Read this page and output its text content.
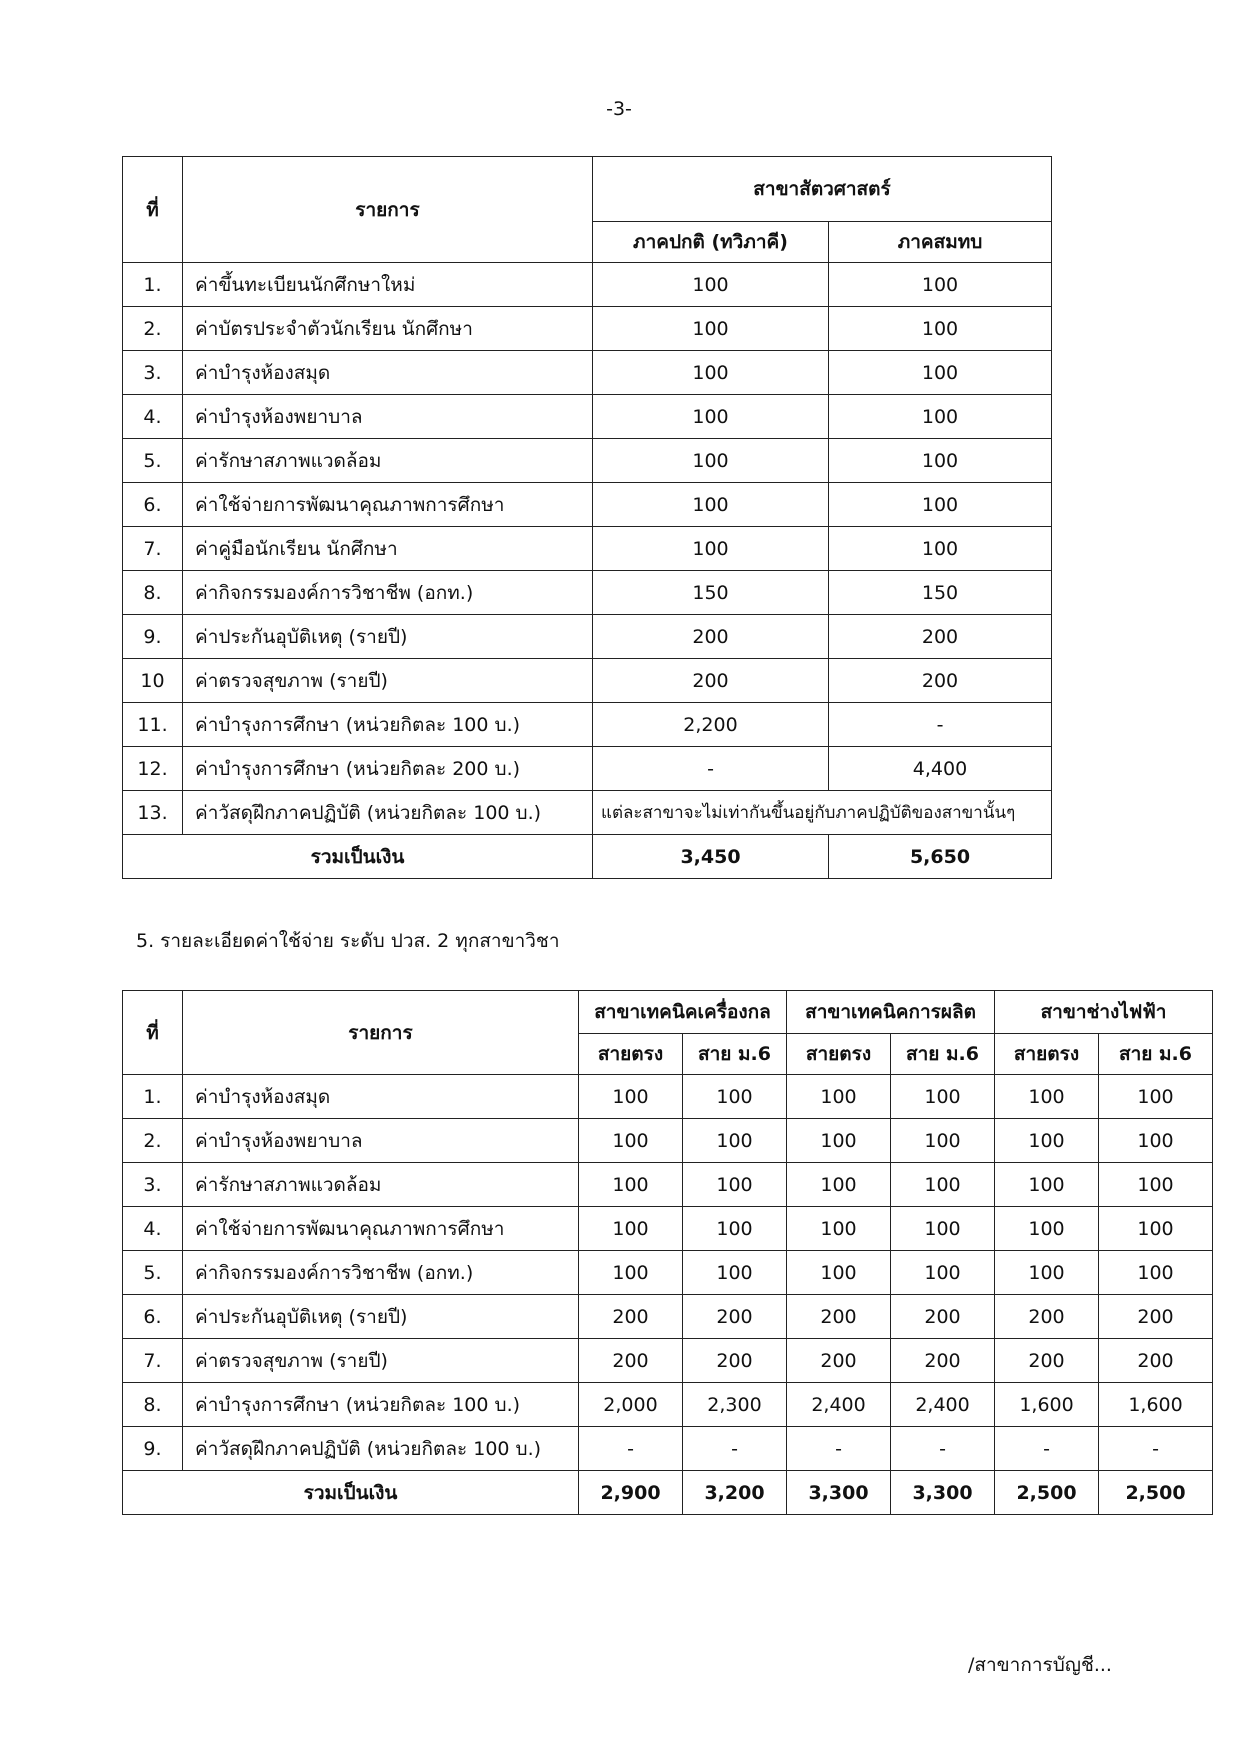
-3-
ที่	รายการ	สาขาสัตวศาสตร์	
		ภาคปกติ (ทวิภาคี)	ภาคสมทบ
1.	ค่าขึ้นทะเบียนนักศึกษาใหม่	100	100
2.	ค่าบัตรประจำตัวนักเรียน นักศึกษา	100	100
3.	ค่าบำรุงห้องสมุด	100	100
4.	ค่าบำรุงห้องพยาบาล	100	100
5.	ค่ารักษาสภาพแวดล้อม	100	100
6.	ค่าใช้จ่ายการพัฒนาคุณภาพการศึกษา	100	100
7.	ค่าคู่มือนักเรียน นักศึกษา	100	100
8.	ค่ากิจกรรมองค์การวิชาชีพ (อกท.)	150	150
9.	ค่าประกันอุบัติเหตุ (รายปี)	200	200
10	ค่าตรวจสุขภาพ (รายปี)	200	200
11.	ค่าบำรุงการศึกษา (หน่วยกิตละ 100 บ.)	2,200	-
12.	ค่าบำรุงการศึกษา (หน่วยกิตละ 200 บ.)	-	4,400
13.	ค่าวัสดุฝึกภาคปฏิบัติ (หน่วยกิตละ 100 บ.)	แต่ละสาขาจะไม่เท่ากันขึ้นอยู่กับภาคปฏิบัติของสาขานั้นๆ	
รวมเป็นเงิน		3,450	5,650
5. รายละเอียดค่าใช้จ่าย ระดับ ปวส. 2 ทุกสาขาวิชา
ที่	รายการ	สาขาเทคนิคเครื่องกล		สาขาเทคนิคการผลิต		สาขาช่างไฟฟ้า	
		สายตรง	สาย ม.6	สายตรง	สาย ม.6	สายตรง	สาย ม.6
1.	ค่าบำรุงห้องสมุด	100	100	100	100	100	100
2.	ค่าบำรุงห้องพยาบาล	100	100	100	100	100	100
3.	ค่ารักษาสภาพแวดล้อม	100	100	100	100	100	100
4.	ค่าใช้จ่ายการพัฒนาคุณภาพการศึกษา	100	100	100	100	100	100
5.	ค่ากิจกรรมองค์การวิชาชีพ (อกท.)	100	100	100	100	100	100
6.	ค่าประกันอุบัติเหตุ (รายปี)	200	200	200	200	200	200
7.	ค่าตรวจสุขภาพ (รายปี)	200	200	200	200	200	200
8.	ค่าบำรุงการศึกษา (หน่วยกิตละ 100 บ.)	2,000	2,300	2,400	2,400	1,600	1,600
9.	ค่าวัสดุฝึกภาคปฏิบัติ (หน่วยกิตละ 100 บ.)	-	-	-	-	-	-
รวมเป็นเงิน		2,900	3,200	3,300	3,300	2,500	2,500
/สาขาการบัญชี...
